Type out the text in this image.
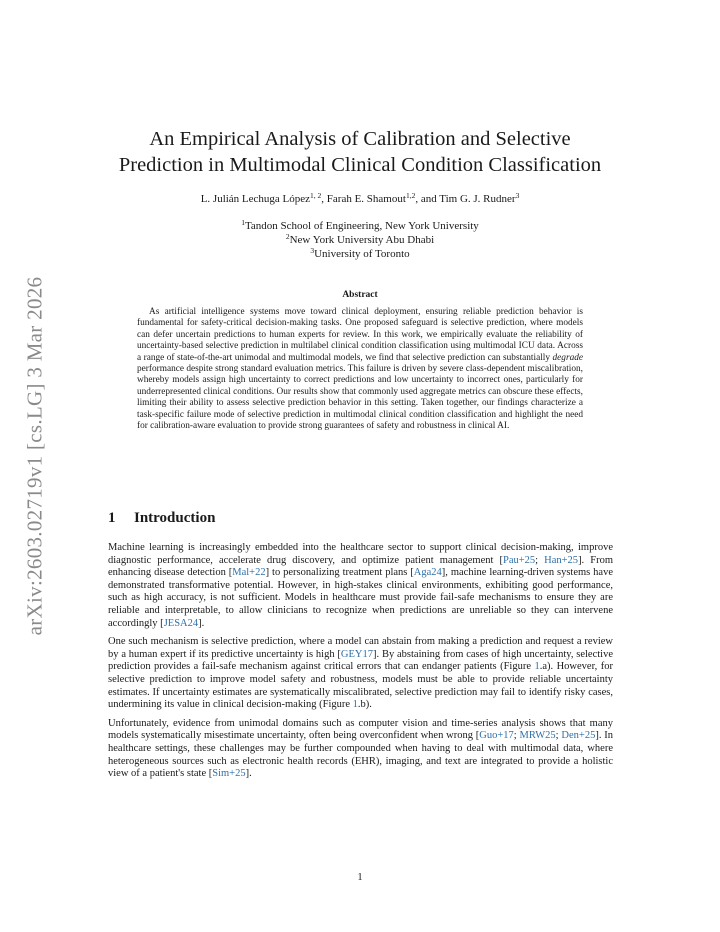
arXiv:2603.02719v1 [cs.LG] 3 Mar 2026
An Empirical Analysis of Calibration and Selective
Prediction in Multimodal Clinical Condition Classification
L. Julián Lechuga López$^{1, 2}$, Farah E. Shamout$^{1,2}$, and Tim G. J. Rudner$^3$
$^1$Tandon School of Engineering, New York University
$^2$New York University Abu Dhabi
$^3$University of Toronto
Abstract

As artificial intelligence systems move toward clinical deployment, ensuring reliable prediction behavior is fundamental for safety-critical decision-making tasks. One proposed safeguard is selective prediction, where models can defer uncertain predictions to human experts for review. In this work, we empirically evaluate the reliability of uncertainty-based selective prediction in multilabel clinical condition classification using multimodal ICU data. Across a range of state-of-the-art unimodal and multimodal models, we find that selective prediction can substantially degrade performance despite strong standard evaluation metrics. This failure is driven by severe class-dependent miscalibration, whereby models assign high uncertainty to correct predictions and low uncertainty to incorrect ones, particularly for underrepresented clinical conditions. Our results show that commonly used aggregate metrics can obscure these effects, limiting their ability to assess selective prediction behavior in this setting. Taken together, our findings characterize a task-specific failure mode of selective prediction in multimodal clinical condition classification and highlight the need for calibration-aware evaluation to provide strong guarantees of safety and robustness in clinical AI.

1 Introduction

Machine learning is increasingly embedded into the healthcare sector to support clinical decision-making, improve diagnostic performance, accelerate drug discovery, and optimize patient management [Pau+25; Han+25]. From enhancing disease detection [Mal+22] to personalizing treatment plans [Aga24], machine learning-driven systems have demonstrated transformative potential. However, in high-stakes clinical environments, exhibiting good performance, such as high accuracy, is not sufficient. Models in healthcare must provide fail-safe mechanisms to ensure they are reliable and interpretable, to allow clinicians to recognize when predictions are unreliable so they can intervene accordingly [JESA24].

One such mechanism is selective prediction, where a model can abstain from making a prediction and request a review by a human expert if its predictive uncertainty is high [GEY17]. By abstaining from cases of high uncertainty, selective prediction provides a fail-safe mechanism against critical errors that can endanger patients (Figure 1.a). However, for selective prediction to improve model safety and robustness, models must be able to provide reliable uncertainty estimates. If uncertainty estimates are systematically miscalibrated, selective prediction may fail to identify risky cases, undermining its value in clinical decision-making (Figure 1.b).

Unfortunately, evidence from unimodal domains such as computer vision and time-series analysis shows that many models systematically misestimate uncertainty, often being overconfident when wrong [Guo+17; MRW25; Den+25]. In healthcare settings, these challenges may be further compounded when having to deal with multimodal data, where heterogeneous sources such as electronic health records (EHR), imaging, and text are integrated to provide a holistic view of a patient's state [Sim+25].

1
